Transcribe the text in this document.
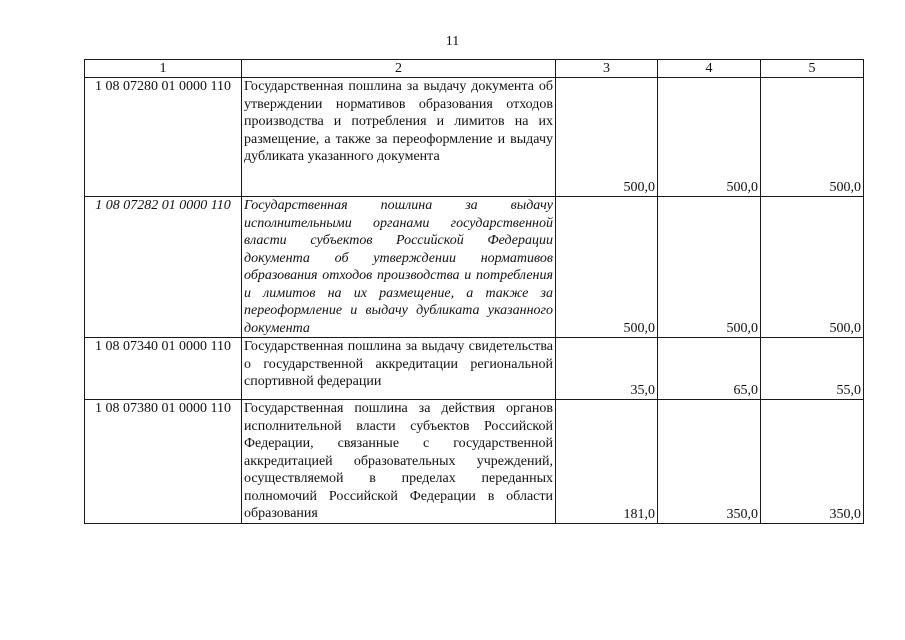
11
1	2	3	4	5
1 08 07280 01 0000 110	Государственная пошлина за выдачу документа об утверждении нормативов образования отходов производства и потребления и лимитов на их размещение, а также за переоформление и выдачу дубликата указанного документа	500,0	500,0	500,0
1 08 07282 01 0000 110	Государственная пошлина за выдачу исполнительными органами государственной власти субъектов Российской Федерации документа об утверждении нормативов образования отходов производства и потребления и лимитов на их размещение, а также за переоформление и выдачу дубликата указанного документа	500,0	500,0	500,0
1 08 07340 01 0000 110	Государственная пошлина за выдачу свидетельства о государственной аккредитации региональной спортивной федерации	35,0	65,0	55,0
1 08 07380 01 0000 110	Государственная пошлина за действия органов исполнительной власти субъектов Российской Федерации, связанные с государственной аккредитацией образовательных учреждений, осуществляемой в пределах переданных полномочий Российской Федерации в области образования	181,0	350,0	350,0
